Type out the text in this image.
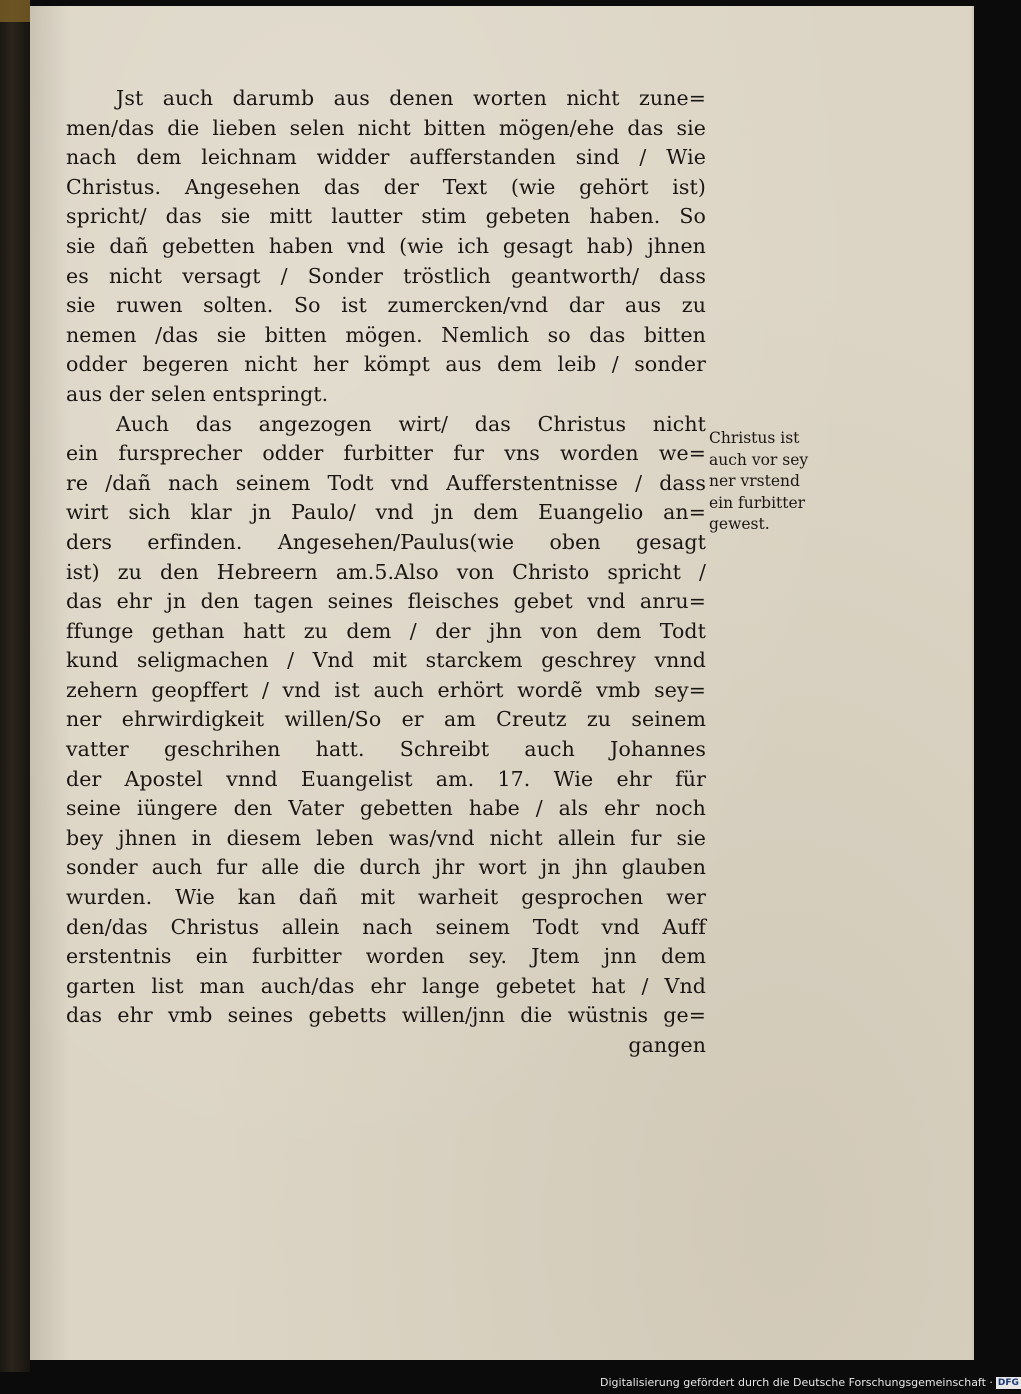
Jst auch darumb aus denen worten nicht zune=
men/das die lieben selen nicht bitten mögen/ehe das sie
nach dem leichnam widder aufferstanden sind / Wie
Christus. Angesehen das der Text (wie gehört ist)
spricht/ das sie mitt lautter stim gebeten haben. So
sie dañ gebetten haben vnd (wie ich gesagt hab) jhnen
es nicht versagt / Sonder tröstlich geantworth/ dass
sie ruwen solten. So ist zumercken/vnd dar aus zu
nemen /das sie bitten mögen. Nemlich so das bitten
odder begeren nicht her kömpt aus dem leib / sonder
aus der selen entspringt.
Auch das angezogen wirt/ das Christus nicht
ein fursprecher odder furbitter fur vns worden we=
re /dañ nach seinem Todt vnd Aufferstentnisse / dass
wirt sich klar jn Paulo/ vnd jn dem Euangelio an=
ders erfinden. Angesehen/Paulus(wie oben gesagt
ist) zu den Hebreern am.5.Also von Christo spricht /
das ehr jn den tagen seines fleisches gebet vnd anru=
ffunge gethan hatt zu dem / der jhn von dem Todt
kund seligmachen / Vnd mit starckem geschrey vnnd
zehern geopffert / vnd ist auch erhört wordẽ vmb sey=
ner ehrwirdigkeit willen/So er am Creutz zu seinem
vatter geschrihen hatt. Schreibt auch Johannes
der Apostel vnnd Euangelist am. 17. Wie ehr für
seine iüngere den Vater gebetten habe / als ehr noch
bey jhnen in diesem leben was/vnd nicht allein fur sie
sonder auch fur alle die durch jhr wort jn jhn glauben
wurden. Wie kan dañ mit warheit gesprochen wer
den/das Christus allein nach seinem Todt vnd Auff
erstentnis ein furbitter worden sey. Jtem jnn dem
garten list man auch/das ehr lange gebetet hat / Vnd
das ehr vmb seines gebetts willen/jnn die wüstnis ge=
gangen
Christus ist
auch vor sey
ner vrstend
ein furbitter
gewest.
Digitalisierung gefördert durch die Deutsche Forschungsgemeinschaft · DFG
